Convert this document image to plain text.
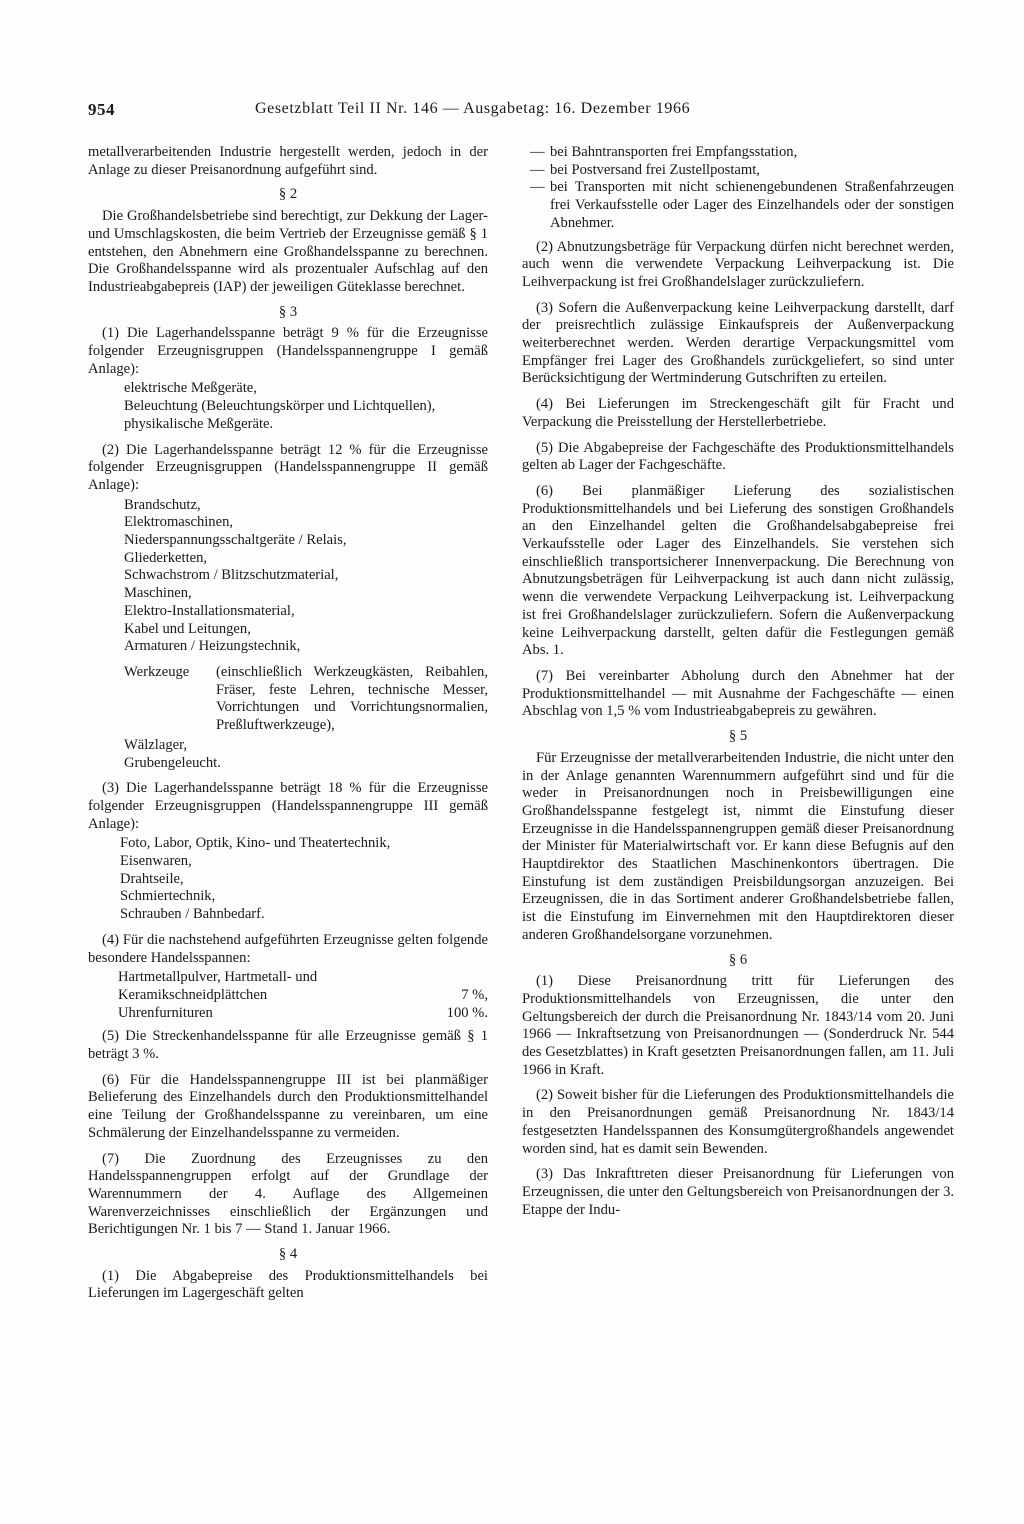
954	Gesetzblatt Teil II Nr. 146 — Ausgabetag: 16. Dezember 1966

metallverarbeitenden Industrie hergestellt werden, jedoch in der Anlage zu dieser Preisanordnung aufgeführt sind.

§ 2

Die Großhandelsbetriebe sind berechtigt, zur Dekkung der Lager- und Umschlagskosten, die beim Vertrieb der Erzeugnisse gemäß § 1 entstehen, den Abnehmern eine Großhandelsspanne zu berechnen. Die Großhandelsspanne wird als prozentualer Aufschlag auf den Industrieabgabepreis (IAP) der jeweiligen Güteklasse berechnet.

§ 3

(1) Die Lagerhandelsspanne beträgt 9 % für die Erzeugnisse folgender Erzeugnisgruppen (Handelsspannengruppe I gemäß Anlage):

elektrische Meßgeräte,
Beleuchtung (Beleuchtungskörper und Lichtquellen),
physikalische Meßgeräte.

(2) Die Lagerhandelsspanne beträgt 12 % für die Erzeugnisse folgender Erzeugnisgruppen (Handelsspannengruppe II gemäß Anlage):

Brandschutz,
Elektromaschinen,
Niederspannungsschaltgeräte / Relais,
Gliederketten,
Schwachstrom / Blitzschutzmaterial,
Maschinen,
Elektro-Installationsmaterial,
Kabel und Leitungen,
Armaturen / Heizungstechnik,
Werkzeuge	(einschließlich Werkzeugkästen, Reibahlen, Fräser, feste Lehren, technische Messer, Vorrichtungen und Vorrichtungsnormalien, Preßluftwerkzeuge),
Wälzlager,
Grubengeleucht.

(3) Die Lagerhandelsspanne beträgt 18 % für die Erzeugnisse folgender Erzeugnisgruppen (Handelsspannengruppe III gemäß Anlage):

Foto, Labor, Optik, Kino- und Theatertechnik,
Eisenwaren,
Drahtseile,
Schmiertechnik,
Schrauben / Bahnbedarf.

(4) Für die nachstehend aufgeführten Erzeugnisse gelten folgende besondere Handelsspannen:

Hartmetallpulver, Hartmetall- und
Keramikschneidplättchen	7 %,
Uhrenfurnituren	100 %.

(5) Die Streckenhandelsspanne für alle Erzeugnisse gemäß § 1 beträgt 3 %.

(6) Für die Handelsspannengruppe III ist bei planmäßiger Belieferung des Einzelhandels durch den Produktionsmittelhandel eine Teilung der Großhandelsspanne zu vereinbaren, um eine Schmälerung der Einzelhandelsspanne zu vermeiden.

(7) Die Zuordnung des Erzeugnisses zu den Handelsspannengruppen erfolgt auf der Grundlage der Warennummern der 4. Auflage des Allgemeinen Warenverzeichnisses einschließlich der Ergänzungen und Berichtigungen Nr. 1 bis 7 — Stand 1. Januar 1966.

§ 4

(1) Die Abgabepreise des Produktionsmittelhandels bei Lieferungen im Lagergeschäft gelten

— bei Bahntransporten frei Empfangsstation,
— bei Postversand frei Zustellpostamt,
— bei Transporten mit nicht schienengebundenen Straßenfahrzeugen frei Verkaufsstelle oder Lager des Einzelhandels oder der sonstigen Abnehmer.

(2) Abnutzungsbeträge für Verpackung dürfen nicht berechnet werden, auch wenn die verwendete Verpackung Leihverpackung ist. Die Leihverpackung ist frei Großhandelslager zurückzuliefern.

(3) Sofern die Außenverpackung keine Leihverpackung darstellt, darf der preisrechtlich zulässige Einkaufspreis der Außenverpackung weiterberechnet werden. Werden derartige Verpackungsmittel vom Empfänger frei Lager des Großhandels zurückgeliefert, so sind unter Berücksichtigung der Wertminderung Gutschriften zu erteilen.

(4) Bei Lieferungen im Streckengeschäft gilt für Fracht und Verpackung die Preisstellung der Herstellerbetriebe.

(5) Die Abgabepreise der Fachgeschäfte des Produktionsmittelhandels gelten ab Lager der Fachgeschäfte.

(6) Bei planmäßiger Lieferung des sozialistischen Produktionsmittelhandels und bei Lieferung des sonstigen Großhandels an den Einzelhandel gelten die Großhandelsabgabepreise frei Verkaufsstelle oder Lager des Einzelhandels. Sie verstehen sich einschließlich transportsicherer Innenverpackung. Die Berechnung von Abnutzungsbeträgen für Leihverpackung ist auch dann nicht zulässig, wenn die verwendete Verpackung Leihverpackung ist. Leihverpackung ist frei Großhandelslager zurückzuliefern. Sofern die Außenverpackung keine Leihverpackung darstellt, gelten dafür die Festlegungen gemäß Abs. 1.

(7) Bei vereinbarter Abholung durch den Abnehmer hat der Produktionsmittelhandel — mit Ausnahme der Fachgeschäfte — einen Abschlag von 1,5 % vom Industrieabgabepreis zu gewähren.

§ 5

Für Erzeugnisse der metallverarbeitenden Industrie, die nicht unter den in der Anlage genannten Warennummern aufgeführt sind und für die weder in Preisanordnungen noch in Preisbewilligungen eine Großhandelsspanne festgelegt ist, nimmt die Einstufung dieser Erzeugnisse in die Handelsspannengruppen gemäß dieser Preisanordnung der Minister für Materialwirtschaft vor. Er kann diese Befugnis auf den Hauptdirektor des Staatlichen Maschinenkontors übertragen. Die Einstufung ist dem zuständigen Preisbildungsorgan anzuzeigen. Bei Erzeugnissen, die in das Sortiment anderer Großhandelsbetriebe fallen, ist die Einstufung im Einvernehmen mit den Hauptdirektoren dieser anderen Großhandelsorgane vorzunehmen.

§ 6

(1) Diese Preisanordnung tritt für Lieferungen des Produktionsmittelhandels von Erzeugnissen, die unter den Geltungsbereich der durch die Preisanordnung Nr. 1843/14 vom 20. Juni 1966 — Inkraftsetzung von Preisanordnungen — (Sonderdruck Nr. 544 des Gesetzblattes) in Kraft gesetzten Preisanordnungen fallen, am 11. Juli 1966 in Kraft.

(2) Soweit bisher für die Lieferungen des Produktionsmittelhandels die in den Preisanordnungen gemäß Preisanordnung Nr. 1843/14 festgesetzten Handelsspannen des Konsumgütergroßhandels angewendet worden sind, hat es damit sein Bewenden.

(3) Das Inkrafttreten dieser Preisanordnung für Lieferungen von Erzeugnissen, die unter den Geltungsbereich von Preisanordnungen der 3. Etappe der Indu-
